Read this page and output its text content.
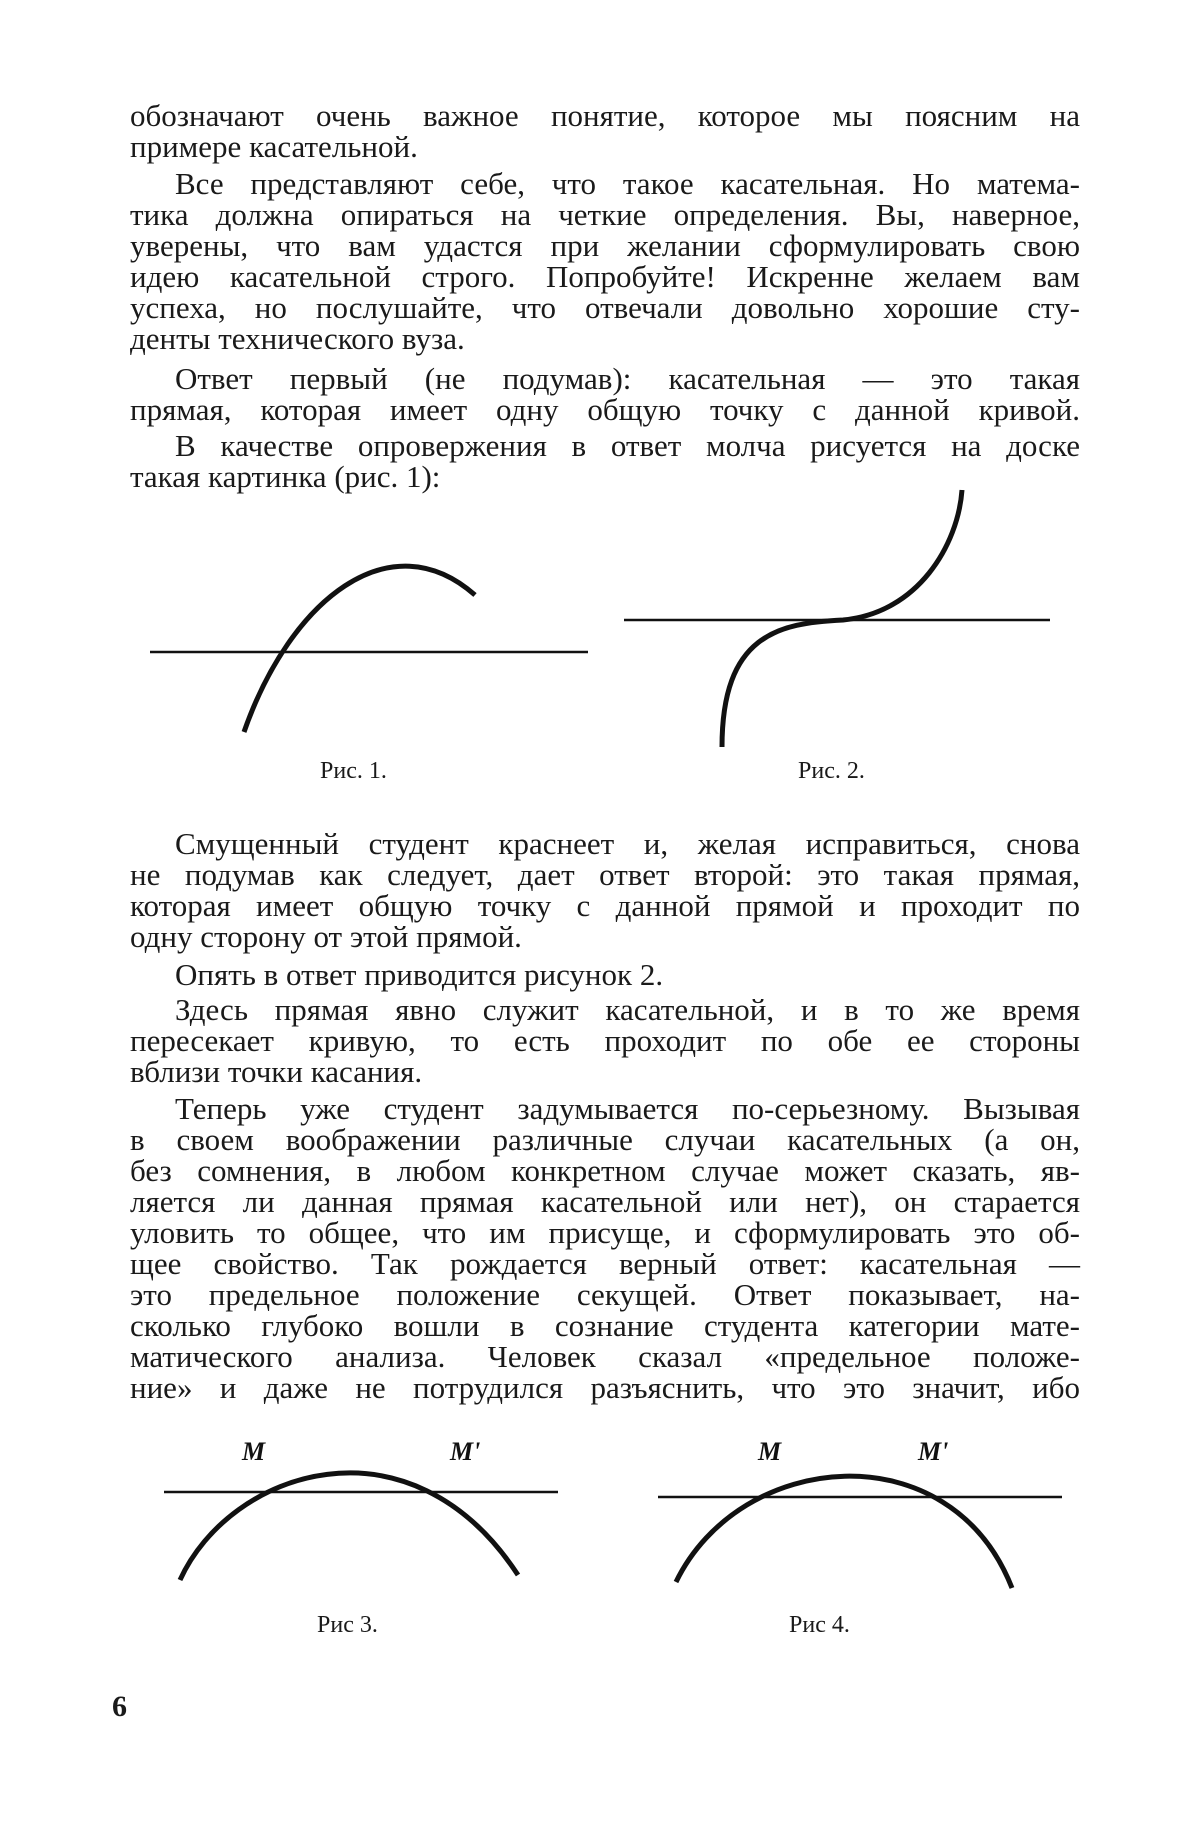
обозначают очень важное понятие, которое мы поясним на
примере касательной.
Все представляют себе, что такое касательная. Но матема-
тика должна опираться на четкие определения. Вы, наверное,
уверены, что вам удастся при желании сформулировать свою
идею касательной строго. Попробуйте! Искренне желаем вам
успеха, но послушайте, что отвечали довольно хорошие сту-
денты технического вуза.
Ответ первый (не подумав): касательная — это такая
прямая, которая имеет одну общую точку с данной кривой.
В качестве опровержения в ответ молча рисуется на доске
такая картинка (рис. 1):
Рис. 1.	Рис. 2.
Смущенный студент краснеет и, желая исправиться, снова
не подумав как следует, дает ответ второй: это такая прямая,
которая имеет общую точку с данной прямой и проходит по
одну сторону от этой прямой.
Опять в ответ приводится рисунок 2.
Здесь прямая явно служит касательной, и в то же время
пересекает кривую, то есть проходит по обе ее стороны
вблизи точки касания.
Теперь уже студент задумывается по-серьезному. Вызывая
в своем воображении различные случаи касательных (а он,
без сомнения, в любом конкретном случае может сказать, яв-
ляется ли данная прямая касательной или нет), он старается
уловить то общее, что им присуще, и сформулировать это об-
щее свойство. Так рождается верный ответ: касательная —
это предельное положение секущей. Ответ показывает, на-
сколько глубоко вошли в сознание студента категории мате-
матического анализа. Человек сказал «предельное положе-
ние» и даже не потрудился разъяснить, что это значит, ибо
M	M'
Рис 3.
M	M'
Рис 4.
6
